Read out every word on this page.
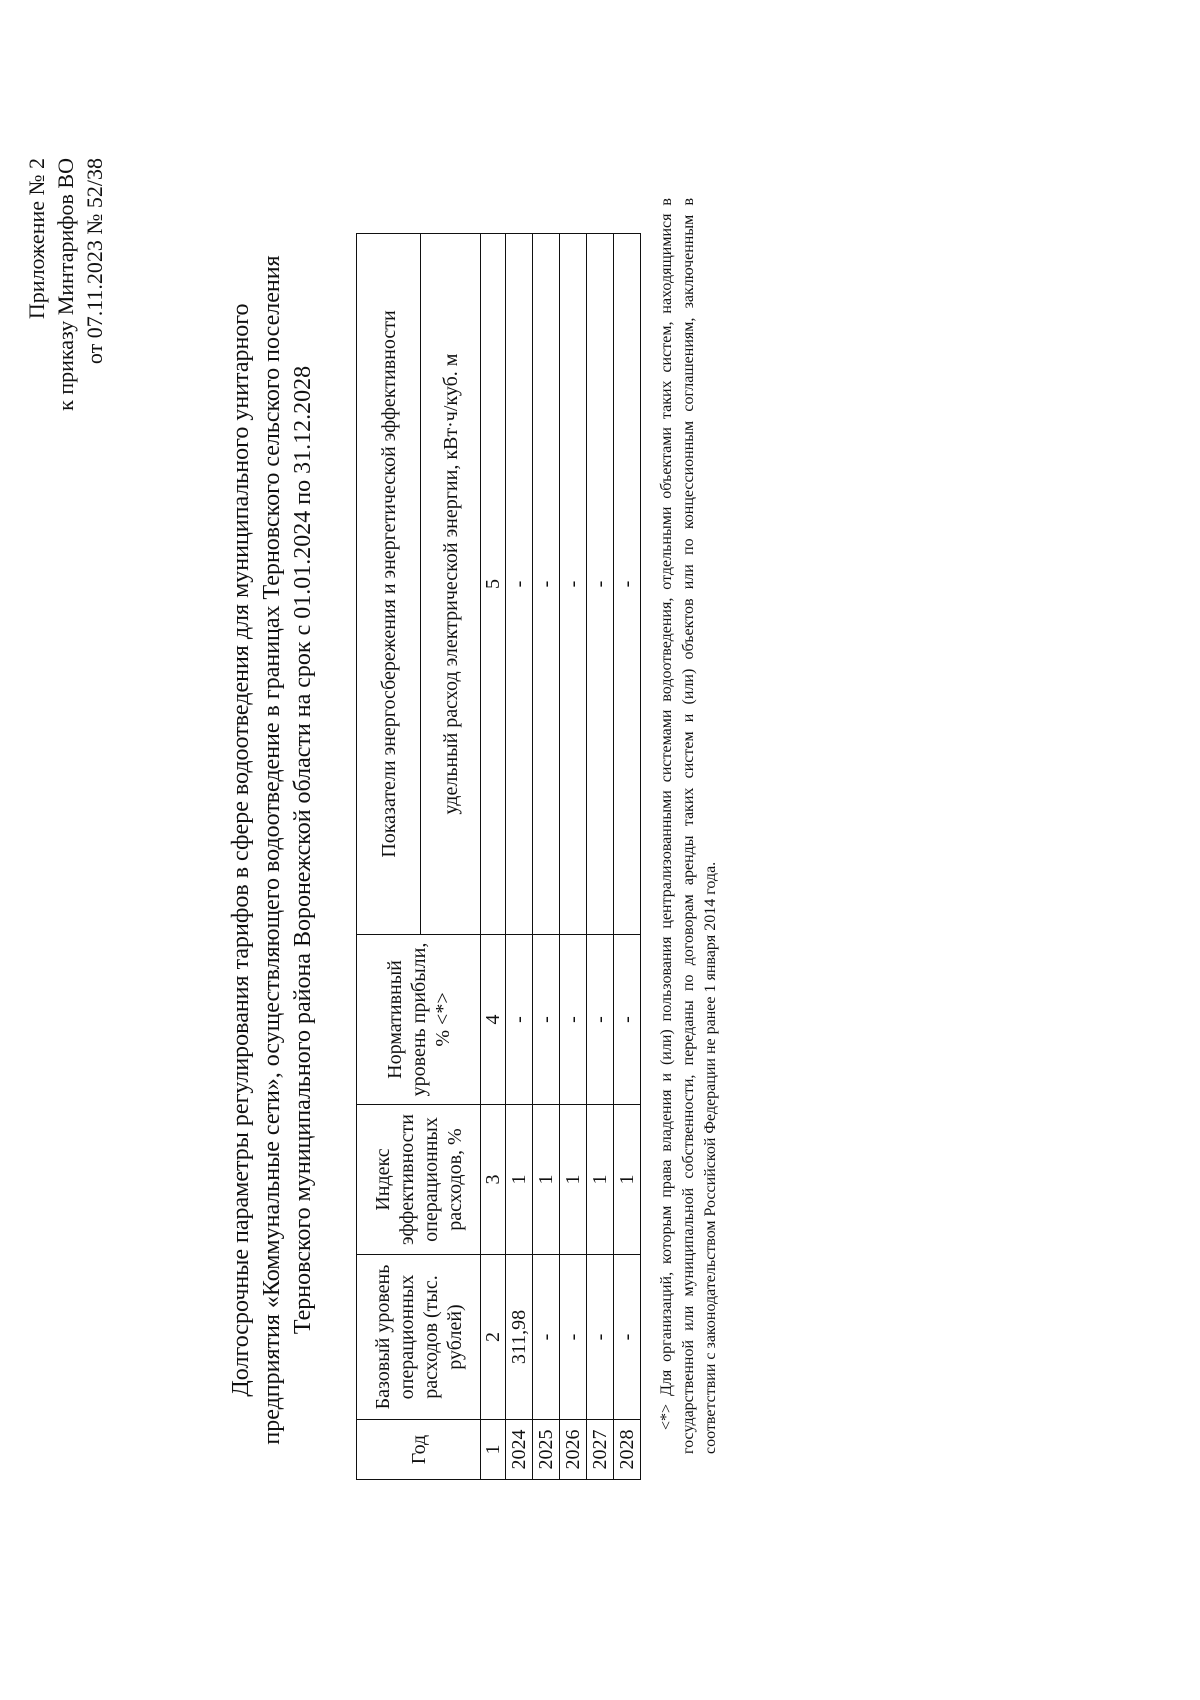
Приложение № 2 к приказу Минтарифов ВО от 07.11.2023 № 52/38
Долгосрочные параметры регулирования тарифов в сфере водоотведения для муниципального унитарного предприятия «Коммунальные сети», осуществляющего водоотведение в границах Терновского сельского поселения Терновского муниципального района Воронежской области на срок с 01.01.2024 по 31.12.2028
Год	Базовый уровень операционных расходов (тыс. рублей)	Индекс эффективности операционных расходов, %	Нормативный уровень прибыли, % <*>	Показатели энергосбережения и энергетической эффективности
				удельный расход электрической энергии, кВт·ч/куб. м
1	2	3	4	5
2024	311,98	1	-	-
2025	-	1	-	-
2026	-	1	-	-
2027	-	1	-	-
2028	-	1	-	- <*> Для организаций, которым права владения и (или) пользования централизованными системами водоотведения, отдельными объектами таких систем, находящимися в государственной или муниципальной собственности, переданы по договорам аренды таких систем и (или) объектов или по концессионным соглашениям, заключенным в соответствии с законодательством Российской Федерации не ранее 1 января 2014 года.
